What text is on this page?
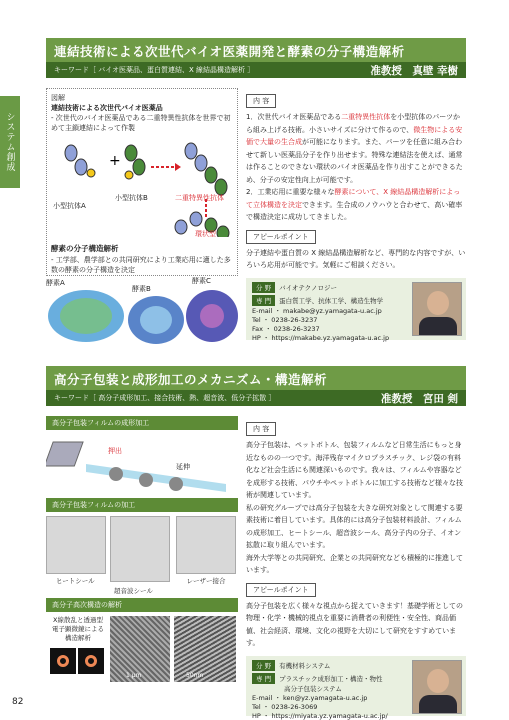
システム創成
連結技術による次世代バイオ医薬開発と酵素の分子構造解析
キーワード［ バイオ医薬品、蛋白質連結、X 線結晶構造解析 ］	准教授　真壁 幸樹
図解
連結技術による次世代バイオ医薬品
- 次世代のバイオ医薬品である二重特異性抗体を世界で初めて主鎖連結によって作製
+
小型抗体A
小型抗体B	二重特異性抗体
環状型
酵素の分子構造解析
- 工学部、農学部との共同研究により工業応用に適した多数の酵素の分子構造を決定
酵素A
酵素B
酵素C
内 容
1．次世代バイオ医薬品である二重特異性抗体を小型抗体のパーツから組み上げる技術。小さいサイズに分けて作るので、微生物による安価で大量の生合成が可能になります。また、パーツを任意に組み合わせて新しい医薬品分子を作り出せます。特殊な連結法を使えば、通常は作ることのできない環状のバイオ医薬品を作り出すことができるため、分子の安定性向上が可能です。
2．工業応用に重要な様々な酵素について、X 線結晶構造解析によって立体構造を決定できます。生合成のノウハウと合わせて、高い確率で構造決定に成功してきました。
アピールポイント
分子連結や蛋白質の X 線結晶構造解析など、専門的な内容ですが、いろいろ応用が可能です。気軽にご相談ください。
分 野 バイオテクノロジー
専 門 蛋白質工学、抗体工学、構造生物学
E-mail ・ makabe@yz.yamagata-u.ac.jp
Tel ・ 0238-26-3237
Fax ・ 0238-26-3237
HP ・ https://makabe.yz.yamagata-u.ac.jp
高分子包装と成形加工のメカニズム・構造解析
キーワード［ 高分子成形加工、接合技術、熱、超音波、低分子拡散 ］	准教授　宮田 剣
高分子包装フィルムの成形加工
押出
延伸
高分子包装フィルムの加工
ヒートシール
超音波シール
レーザー接合
高分子高次構造の解析
X線散乱と透過型電子顕微鏡による構造解析
1 μm	50nm
内 容
高分子包装は、ペットボトル、包装フィルムなど日常生活にもっと身近なものの一つです。海洋残存マイクロプラスチック、レジ袋の有料化など社会生活にも関連深いものです。我々は、フィルムや容器などを成形する技術、パウチやペットボトルに加工する技術など様々な技術が関連しています。
私の研究グループでは高分子包装を大きな研究対象として関連する要素技術に着目しています。具体的には高分子包装材料設計、フィルムの成形加工、ヒートシール、超音波シール、高分子内の分子、イオン拡散に取り組んでいます。
海外大学等との共同研究、企業との共同研究なども積極的に推進しています。
アピールポイント
高分子包装を広く様々な視点から捉えていきます！基礎学術としての物理・化学・機械的視点を重要に消費者の利便性・安全性、商品価値、社会経済、環境、文化の視野を大切にして研究をすすめています。
分 野 有機材料システム
専 門 プラスチック成形加工・構造・物性
高分子包装システム
E-mail ・ ken@yz.yamagata-u.ac.jp
Tel ・ 0238-26-3069
HP ・ https://miyata.yz.yamagata-u.ac.jp/
82
